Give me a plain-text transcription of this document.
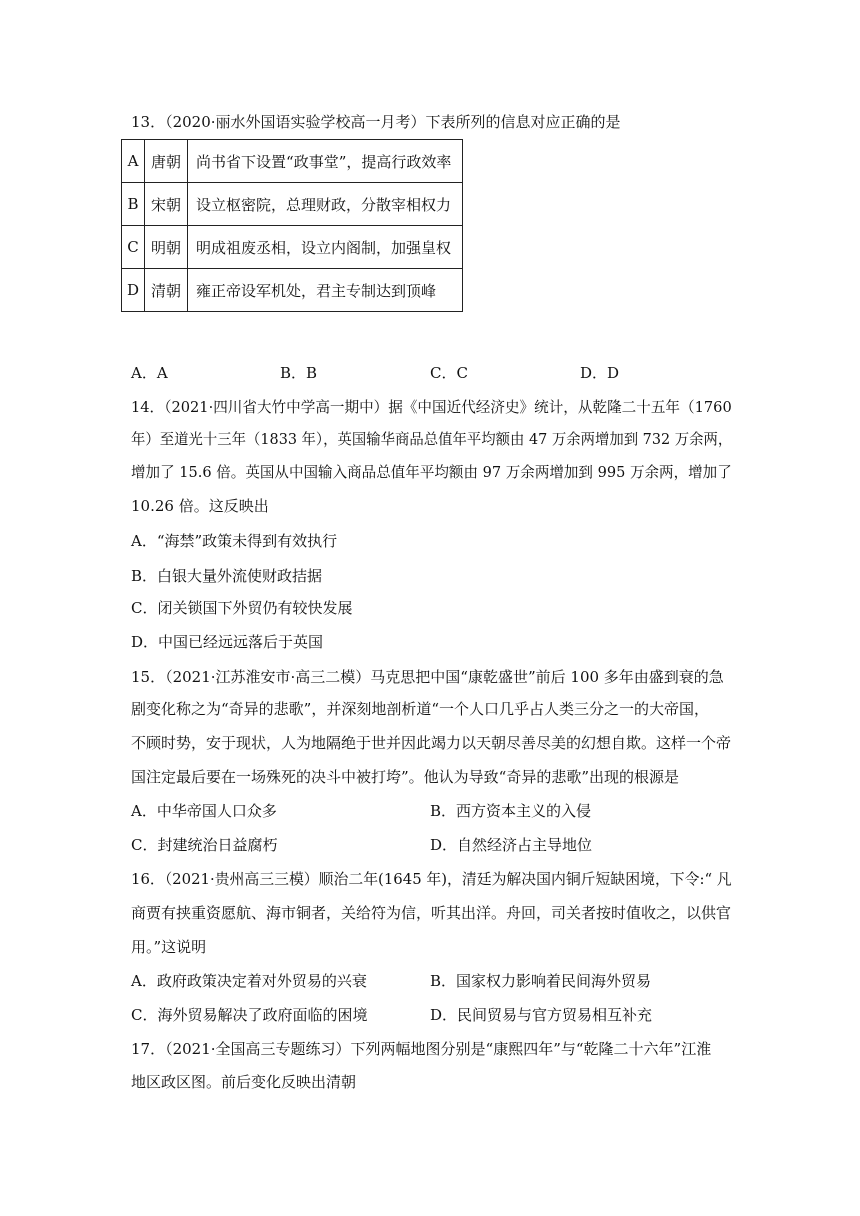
13．（2020·丽水外国语实验学校高一月考）下表所列的信息对应正确的是
A	唐朝	尚书省下设置“政事堂”，提高行政效率
B	宋朝	设立枢密院，总理财政，分散宰相权力
C	明朝	明成祖废丞相，设立内阁制，加强皇权
D	清朝	雍正帝设军机处，君主专制达到顶峰
A．A	B．B	C．C	D．D
14．（2021·四川省大竹中学高一期中）据《中国近代经济史》统计，从乾隆二十五年（1760
年）至道光十三年（1833 年），英国输华商品总值年平均额由 47 万余两增加到 732 万余两，
增加了 15.6 倍。英国从中国输入商品总值年平均额由 97 万余两增加到 995 万余两，增加了
10.26 倍。这反映出
A．“海禁”政策未得到有效执行
B．白银大量外流使财政拮据
C．闭关锁国下外贸仍有较快发展
D．中国已经远远落后于英国
15．（2021·江苏淮安市·高三二模）马克思把中国“康乾盛世”前后 100 多年由盛到衰的急
剧变化称之为“奇异的悲歌”，并深刻地剖析道“一个人口几乎占人类三分之一的大帝国，
不顾时势，安于现状，人为地隔绝于世并因此竭力以天朝尽善尽美的幻想自欺。这样一个帝
国注定最后要在一场殊死的决斗中被打垮”。他认为导致“奇异的悲歌”出现的根源是
A．中华帝国人口众多	B．西方资本主义的入侵
C．封建统治日益腐朽	D．自然经济占主导地位
16．（2021·贵州高三三模）顺治二年(1645 年)，清廷为解决国内铜斤短缺困境，下令:“ 凡
商贾有挟重资愿航、海市铜者，关给符为信，听其出洋。舟回，司关者按时值收之，以供官
用。”这说明
A．政府政策决定着对外贸易的兴衰	B．国家权力影响着民间海外贸易
C．海外贸易解决了政府面临的困境	D．民间贸易与官方贸易相互补充
17．（2021·全国高三专题练习）下列两幅地图分别是“康熙四年”与“乾隆二十六年”江淮
地区政区图。前后变化反映出清朝
